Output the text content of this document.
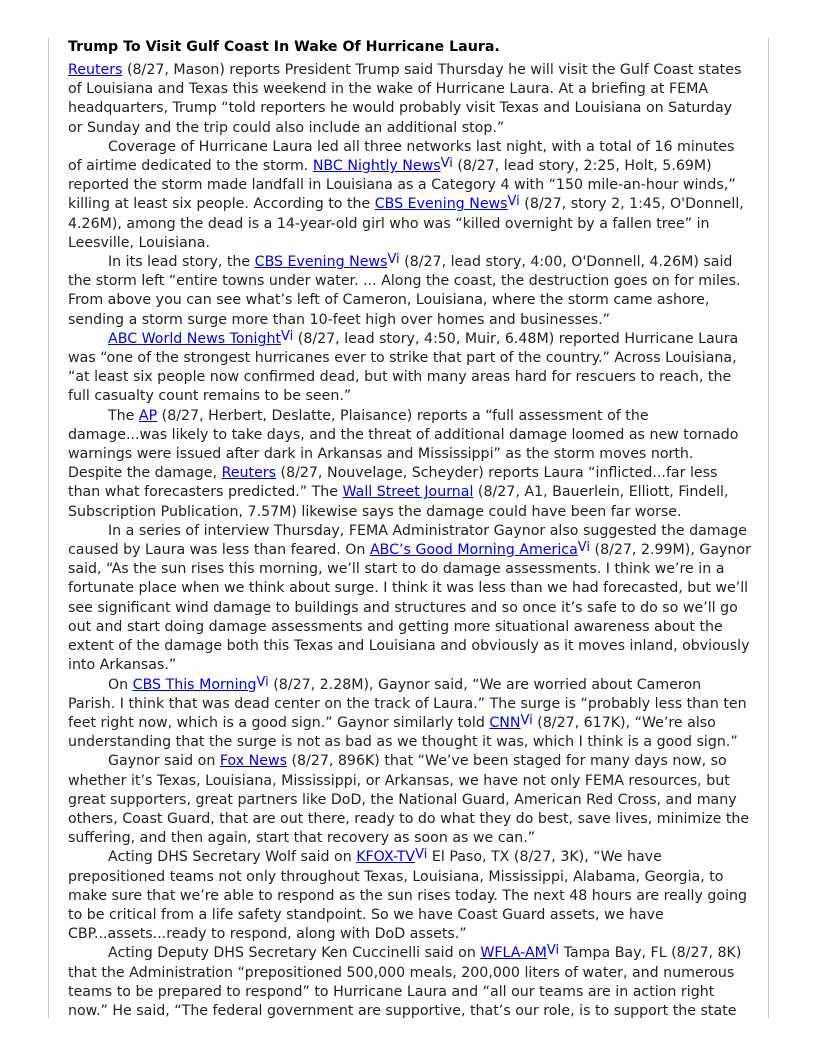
Trump To Visit Gulf Coast In Wake Of Hurricane Laura.

Reuters (8/27, Mason) reports President Trump said Thursday he will visit the Gulf Coast states of Louisiana and Texas this weekend in the wake of Hurricane Laura. At a briefing at FEMA headquarters, Trump “told reporters he would probably visit Texas and Louisiana on Saturday or Sunday and the trip could also include an additional stop.”

Coverage of Hurricane Laura led all three networks last night, with a total of 16 minutes of airtime dedicated to the storm. NBC Nightly News$^{Vi}$ (8/27, lead story, 2:25, Holt, 5.69M) reported the storm made landfall in Louisiana as a Category 4 with “150 mile-an-hour winds,” killing at least six people. According to the CBS Evening News$^{Vi}$ (8/27, story 2, 1:45, O'Donnell, 4.26M), among the dead is a 14-year-old girl who was “killed overnight by a fallen tree” in Leesville, Louisiana.

In its lead story, the CBS Evening News$^{Vi}$ (8/27, lead story, 4:00, O'Donnell, 4.26M) said the storm left “entire towns under water. ... Along the coast, the destruction goes on for miles. From above you can see what’s left of Cameron, Louisiana, where the storm came ashore, sending a storm surge more than 10-feet high over homes and businesses.”

ABC World News Tonight$^{Vi}$ (8/27, lead story, 4:50, Muir, 6.48M) reported Hurricane Laura was “one of the strongest hurricanes ever to strike that part of the country.” Across Louisiana, “at least six people now confirmed dead, but with many areas hard for rescuers to reach, the full casualty count remains to be seen.”

The AP (8/27, Herbert, Deslatte, Plaisance) reports a “full assessment of the damage...was likely to take days, and the threat of additional damage loomed as new tornado warnings were issued after dark in Arkansas and Mississippi” as the storm moves north. Despite the damage, Reuters (8/27, Nouvelage, Scheyder) reports Laura “inflicted...far less than what forecasters predicted.” The Wall Street Journal (8/27, A1, Bauerlein, Elliott, Findell, Subscription Publication, 7.57M) likewise says the damage could have been far worse.

In a series of interview Thursday, FEMA Administrator Gaynor also suggested the damage caused by Laura was less than feared. On ABC’s Good Morning America$^{Vi}$ (8/27, 2.99M), Gaynor said, “As the sun rises this morning, we’ll start to do damage assessments. I think we’re in a fortunate place when we think about surge. I think it was less than we had forecasted, but we’ll see significant wind damage to buildings and structures and so once it’s safe to do so we’ll go out and start doing damage assessments and getting more situational awareness about the extent of the damage both this Texas and Louisiana and obviously as it moves inland, obviously into Arkansas.”

On CBS This Morning$^{Vi}$ (8/27, 2.28M), Gaynor said, “We are worried about Cameron Parish. I think that was dead center on the track of Laura.” The surge is “probably less than ten feet right now, which is a good sign.” Gaynor similarly told $CNN^{Vi}$ (8/27, 617K), “We’re also understanding that the surge is not as bad as we thought it was, which I think is a good sign.”

Gaynor said on Fox News (8/27, 896K) that “We’ve been staged for many days now, so whether it’s Texas, Louisiana, Mississippi, or Arkansas, we have not only FEMA resources, but great supporters, great partners like DoD, the National Guard, American Red Cross, and many others, Coast Guard, that are out there, ready to do what they do best, save lives, minimize the suffering, and then again, start that recovery as soon as we can.”

Acting DHS Secretary Wolf said on KFOX-$TV^{Vi}$ El Paso, TX (8/27, 3K), “We have prepositioned teams not only throughout Texas, Louisiana, Mississippi, Alabama, Georgia, to make sure that we’re able to respond as the sun rises today. The next 48 hours are really going to be critical from a life safety standpoint. So we have Coast Guard assets, we have CBP...assets...ready to respond, along with DoD assets.”

Acting Deputy DHS Secretary Ken Cuccinelli said on WFLA-$AM^{Vi}$ Tampa Bay, FL (8/27, 8K) that the Administration “prepositioned 500,000 meals, 200,000 liters of water, and numerous teams to be prepared to respond” to Hurricane Laura and “all our teams are in action right now.” He said, “The federal government are supportive, that’s our role, is to support the state
